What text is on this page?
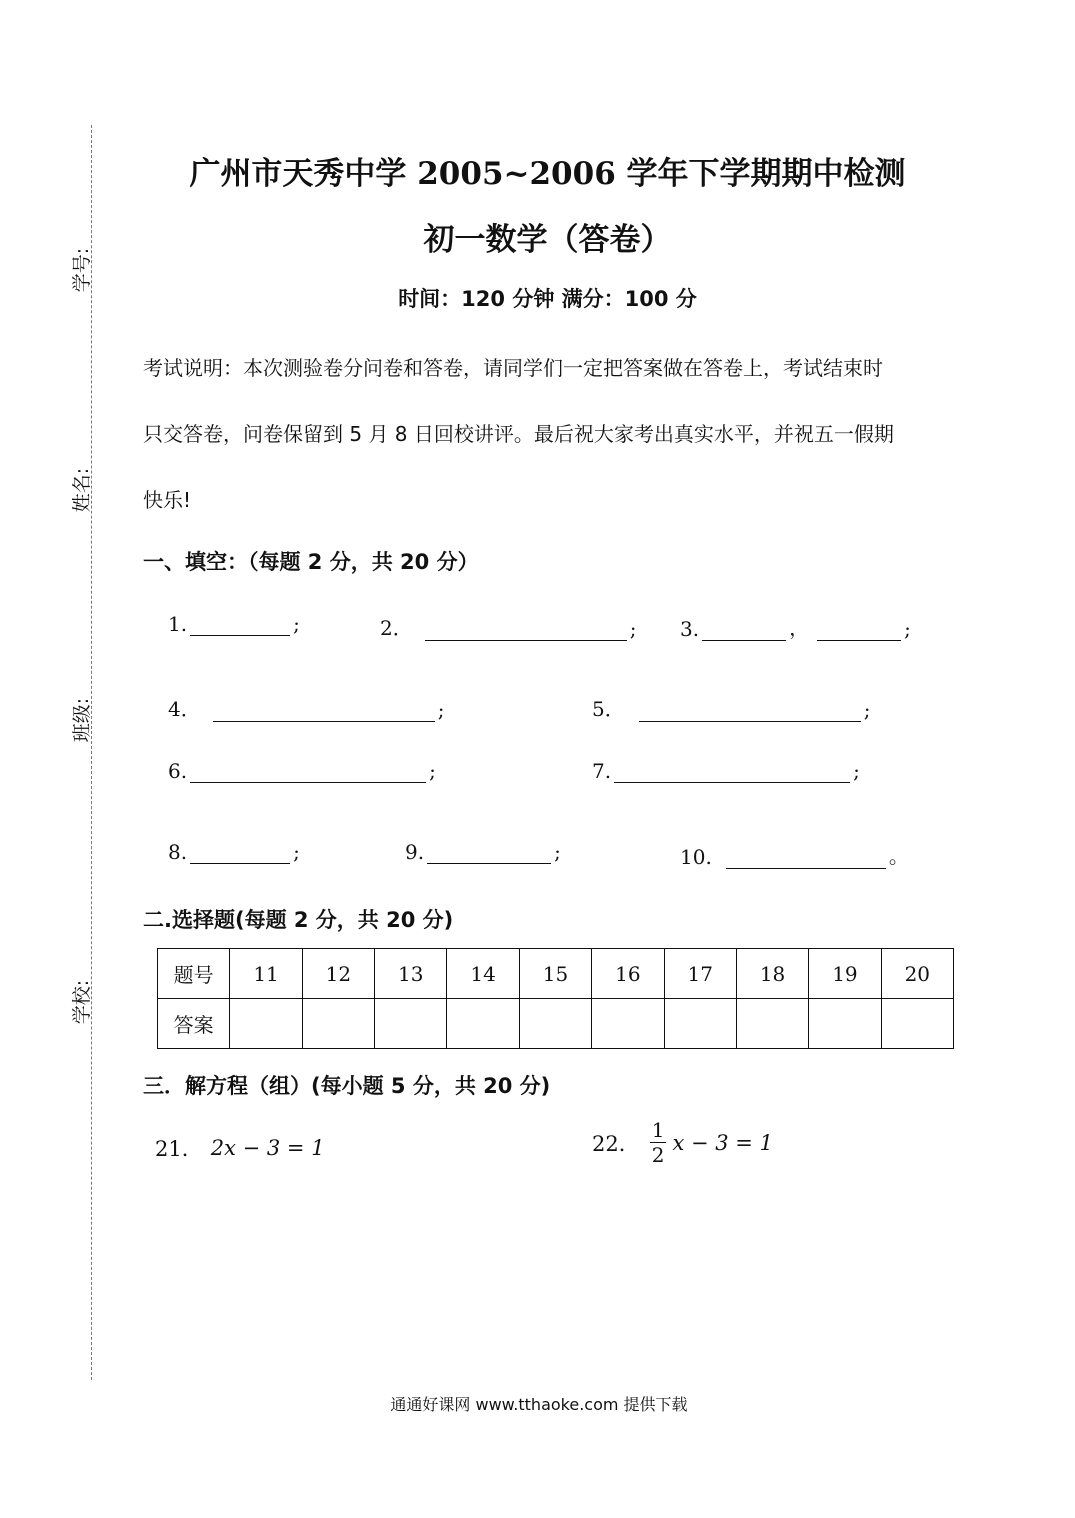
学号:
姓名:
班级:
学校:
广州市天秀中学 2005~2006 学年下学期期中检测
初一数学（答卷）
时间：120 分钟 满分：100 分
考试说明：本次测验卷分问卷和答卷，请同学们一定把答案做在答卷上，考试结束时
只交答卷，问卷保留到 5 月 8 日回校讲评。最后祝大家考出真实水平，并祝五一假期
快乐!
一、填空：（每题 2 分，共 20 分）
1.	;	2．	; 3.	，	;
4．	;	5．	;
6.	;	7.	;
8.	;	9.	;	10.	。
二.选择题(每题 2 分，共 20 分)
题号	11	12	13	14	15	16	17	18	19	20
答案										
三．解方程（组）(每小题 5 分，共 20 分)
21． 2x − 3 = 1	22． $\frac{1}{2}$ x − 3 = 1
通通好课网 www.tthaoke.com 提供下载
